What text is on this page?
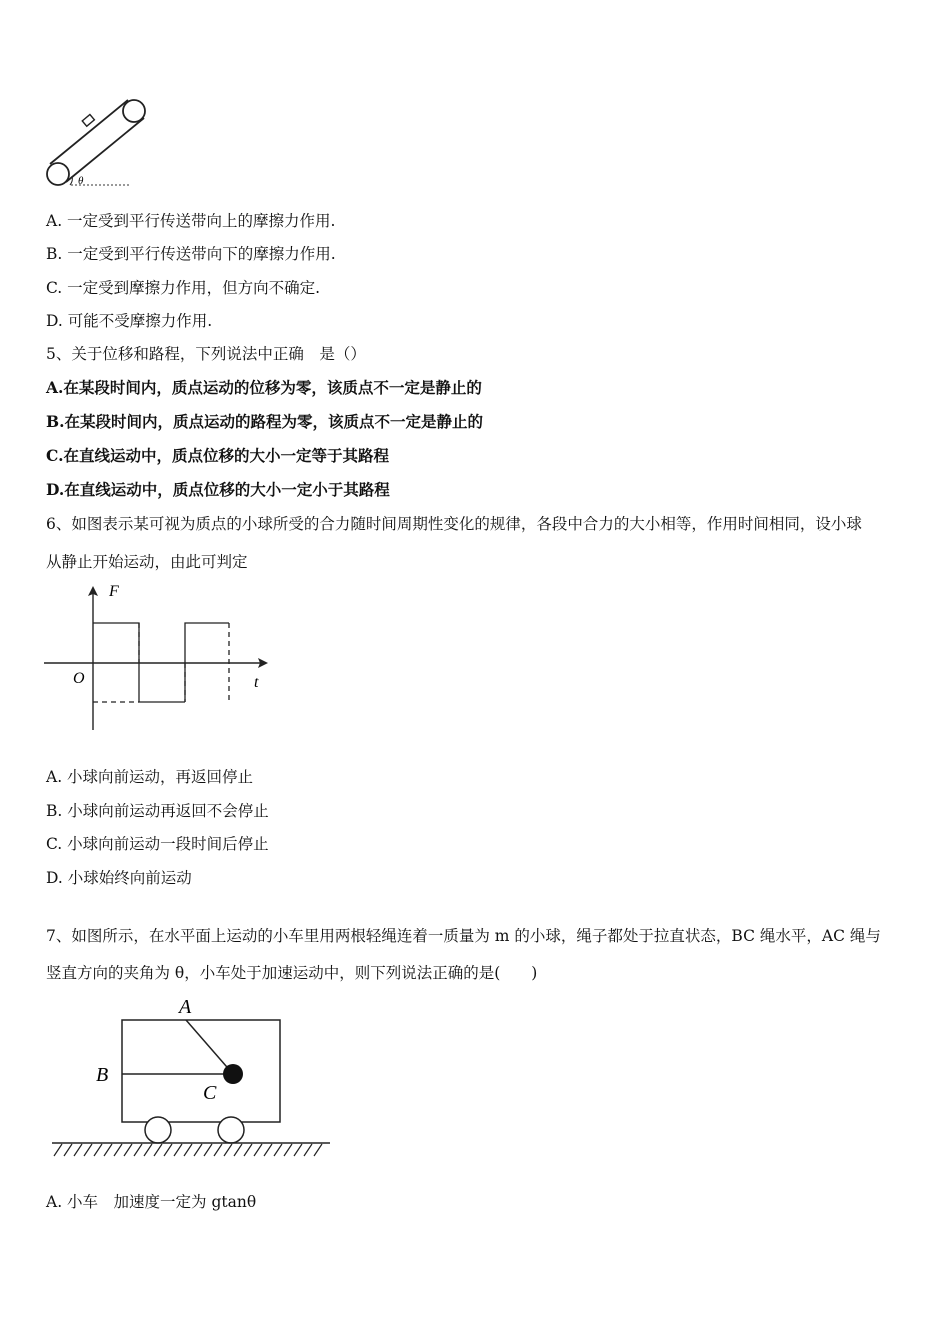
θ
A. 一定受到平行传送带向上的摩擦力作用.
B. 一定受到平行传送带向下的摩擦力作用.
C. 一定受到摩擦力作用，但方向不确定.
D. 可能不受摩擦力作用.
5、关于位移和路程，下列说法中正确　是（）
A.在某段时间内，质点运动的位移为零，该质点不一定是静止的
B.在某段时间内，质点运动的路程为零，该质点不一定是静止的
C.在直线运动中，质点位移的大小一定等于其路程
D.在直线运动中，质点位移的大小一定小于其路程
6、如图表示某可视为质点的小球所受的合力随时间周期性变化的规律，各段中合力的大小相等，作用时间相同，设小球
从静止开始运动，由此可判定
F
t
O
A. 小球向前运动，再返回停止
B. 小球向前运动再返回不会停止
C. 小球向前运动一段时间后停止
D. 小球始终向前运动
7、如图所示，在水平面上运动的小车里用两根轻绳连着一质量为 m 的小球，绳子都处于拉直状态，BC 绳水平，AC 绳与
竖直方向的夹角为 θ，小车处于加速运动中，则下列说法正确的是(　　)
A
B
C
A. 小车　加速度一定为 gtanθ
